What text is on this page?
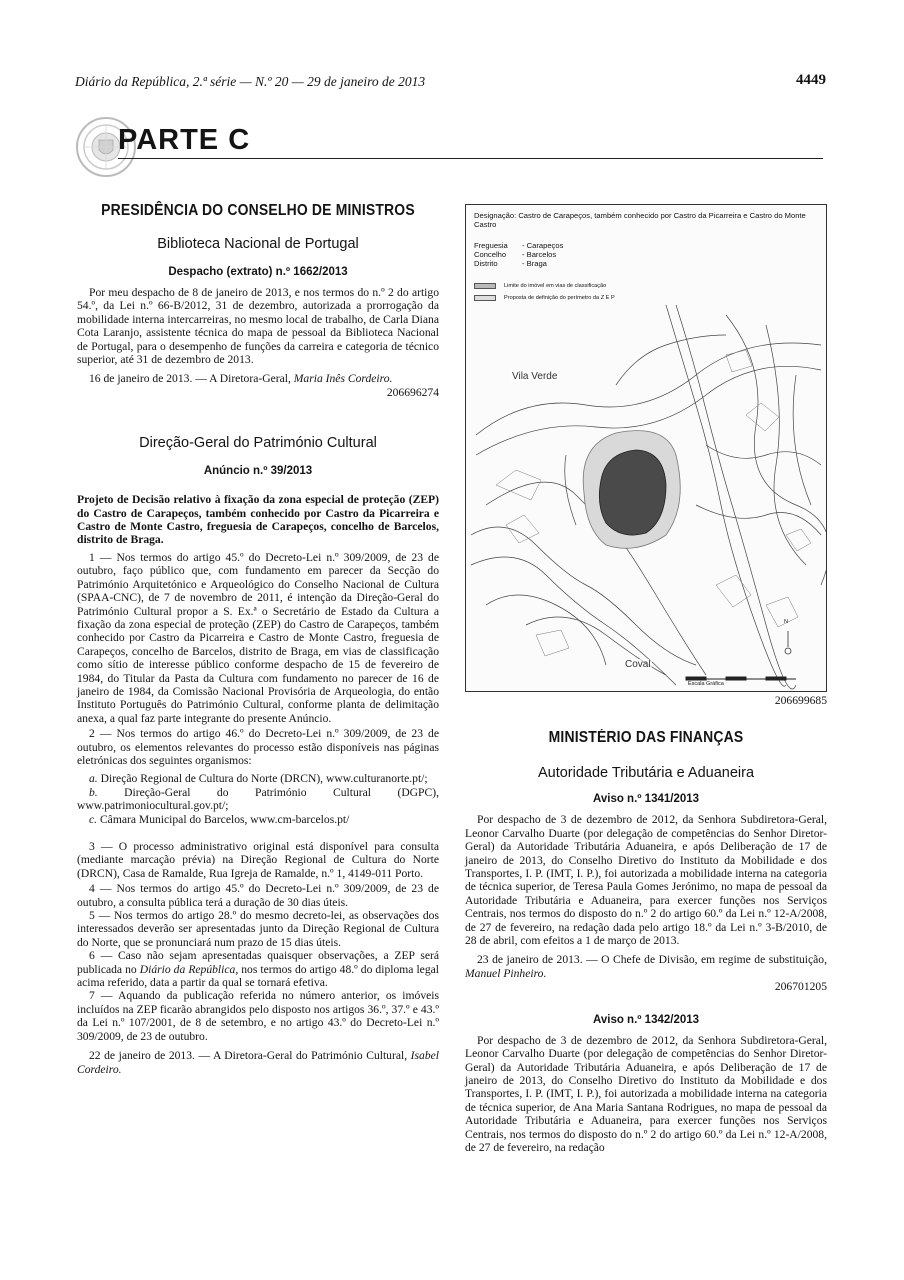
Diário da República, 2.ª série — N.º 20 — 29 de janeiro de 2013	4449
PARTE C
PRESIDÊNCIA DO CONSELHO DE MINISTROS
Biblioteca Nacional de Portugal
Despacho (extrato) n.º 1662/2013

Por meu despacho de 8 de janeiro de 2013, e nos termos do n.º 2 do artigo 54.º, da Lei n.º 66-B/2012, 31 de dezembro, autorizada a prorrogação da mobilidade interna intercarreiras, no mesmo local de trabalho, de Carla Diana Cota Laranjo, assistente técnica do mapa de pessoal da Biblioteca Nacional de Portugal, para o desempenho de funções da carreira e categoria de técnico superior, até 31 de dezembro de 2013.

16 de janeiro de 2013. — A Diretora-Geral, Maria Inês Cordeiro.

206696274
Direção-Geral do Património Cultural
Anúncio n.º 39/2013

Projeto de Decisão relativo à fixação da zona especial de proteção (ZEP) do Castro de Carapeços, também conhecido por Castro da Picarreira e Castro de Monte Castro, freguesia de Carapeços, concelho de Barcelos, distrito de Braga.

1 — Nos termos do artigo 45.º do Decreto-Lei n.º 309/2009, de 23 de outubro, faço público que, com fundamento em parecer da Secção do Património Arquitetónico e Arqueológico do Conselho Nacional de Cultura (SPAA-CNC), de 7 de novembro de 2011, é intenção da Direção-Geral do Património Cultural propor a S. Ex.ª o Secretário de Estado da Cultura a fixação da zona especial de proteção (ZEP) do Castro de Carapeços, também conhecido por Castro da Picarreira e Castro de Monte Castro, freguesia de Carapeços, concelho de Barcelos, distrito de Braga, em vias de classificação como sítio de interesse público conforme despacho de 15 de fevereiro de 1984, do Titular da Pasta da Cultura com fundamento no parecer de 16 de janeiro de 1984, da Comissão Nacional Provisória de Arqueologia, do então Instituto Português do Património Cultural, conforme planta de delimitação anexa, a qual faz parte integrante do presente Anúncio.

2 — Nos termos do artigo 46.º do Decreto-Lei n.º 309/2009, de 23 de outubro, os elementos relevantes do processo estão disponíveis nas páginas eletrónicas dos seguintes organismos:

a. Direção Regional de Cultura do Norte (DRCN), www.culturanorte.pt/;

b. Direção-Geral do Património Cultural (DGPC), www.patrimoniocultural.gov.pt/;

c. Câmara Municipal do Barcelos, www.cm-barcelos.pt/

3 — O processo administrativo original está disponível para consulta (mediante marcação prévia) na Direção Regional de Cultura do Norte (DRCN), Casa de Ramalde, Rua Igreja de Ramalde, n.º 1, 4149-011 Porto.

4 — Nos termos do artigo 45.º do Decreto-Lei n.º 309/2009, de 23 de outubro, a consulta pública terá a duração de 30 dias úteis.

5 — Nos termos do artigo 28.º do mesmo decreto-lei, as observações dos interessados deverão ser apresentadas junto da Direção Regional de Cultura do Norte, que se pronunciará num prazo de 15 dias úteis.

6 — Caso não sejam apresentadas quaisquer observações, a ZEP será publicada no Diário da República, nos termos do artigo 48.º do diploma legal acima referido, data a partir da qual se tornará efetiva.

7 — Aquando da publicação referida no número anterior, os imóveis incluídos na ZEP ficarão abrangidos pelo disposto nos artigos 36.º, 37.º e 43.º da Lei n.º 107/2001, de 8 de setembro, e no artigo 43.º do Decreto-Lei n.º 309/2009, de 23 de outubro.

22 de janeiro de 2013. — A Diretora-Geral do Património Cultural, Isabel Cordeiro.

Designação: Castro de Carapeços, também conhecido por Castro da Picarreira e Castro do Monte Castro
Freguesia - Carapeços
Concelho - Barcelos
Distrito	- Braga
Limite do imóvel em vias de classificação
Proposta de definição do perímetro da Z E P
Vila Verde
Coval
N
Escala Gráfica
206699685
MINISTÉRIO DAS FINANÇAS
Autoridade Tributária e Aduaneira
Aviso n.º 1341/2013

Por despacho de 3 de dezembro de 2012, da Senhora Subdiretora-Geral, Leonor Carvalho Duarte (por delegação de competências do Senhor Diretor-Geral) da Autoridade Tributária Aduaneira, e após Deliberação de 17 de janeiro de 2013, do Conselho Diretivo do Instituto da Mobilidade e dos Transportes, I. P. (IMT, I. P.), foi autorizada a mobilidade interna na categoria de técnica superior, de Teresa Paula Gomes Jerónimo, no mapa de pessoal da Autoridade Tributária e Aduaneira, para exercer funções nos Serviços Centrais, nos termos do disposto do n.º 2 do artigo 60.º da Lei n.º 12-A/2008, de 27 de fevereiro, na redação dada pelo artigo 18.º da Lei n.º 3-B/2010, de 28 de abril, com efeitos a 1 de março de 2013.

23 de janeiro de 2013. — O Chefe de Divisão, em regime de substituição, Manuel Pinheiro.

206701205
Aviso n.º 1342/2013

Por despacho de 3 de dezembro de 2012, da Senhora Subdiretora-Geral, Leonor Carvalho Duarte (por delegação de competências do Senhor Diretor-Geral) da Autoridade Tributária Aduaneira, e após Deliberação de 17 de janeiro de 2013, do Conselho Diretivo do Instituto da Mobilidade e dos Transportes, I. P. (IMT, I. P.), foi autorizada a mobilidade interna na categoria de técnica superior, de Ana Maria Santana Rodrigues, no mapa de pessoal da Autoridade Tributária e Aduaneira, para exercer funções nos Serviços Centrais, nos termos do disposto do n.º 2 do artigo 60.º da Lei n.º 12-A/2008, de 27 de fevereiro, na redação
